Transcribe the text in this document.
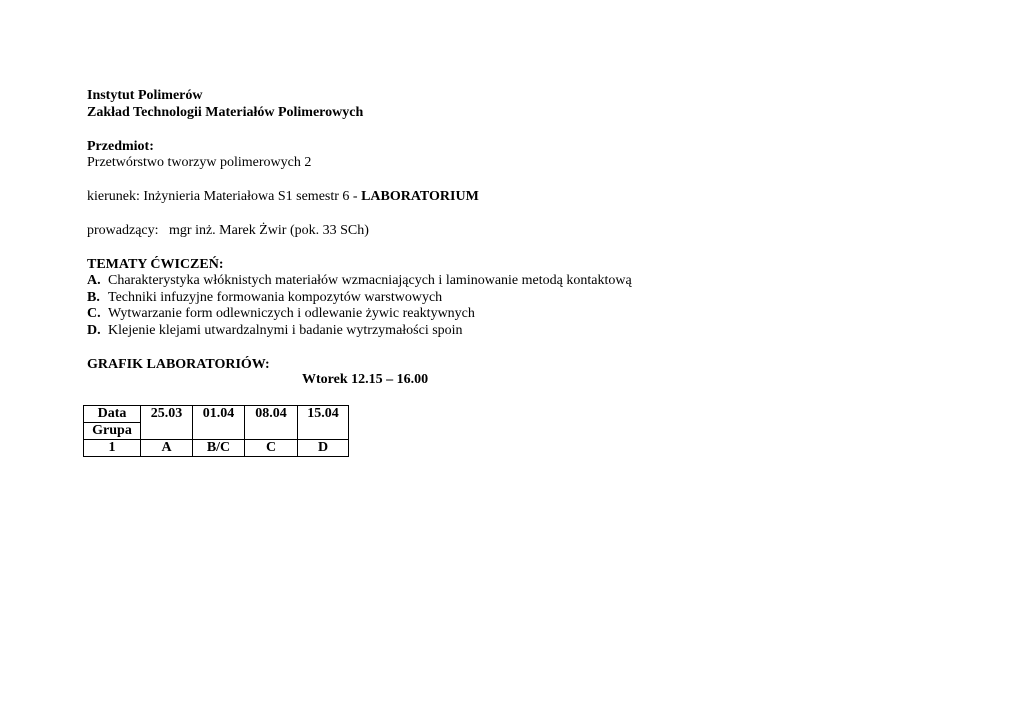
Instytut Polimerów
Zakład Technologii Materiałów Polimerowych
Przedmiot:
Przetwórstwo tworzyw polimerowych 2
kierunek: Inżynieria Materiałowa S1 semestr 6 - LABORATORIUM
prowadzący: mgr inż. Marek Żwir (pok. 33 SCh)
TEMATY ĆWICZEŃ:
A. Charakterystyka włóknistych materiałów wzmacniających i laminowanie metodą kontaktową
B. Techniki infuzyjne formowania kompozytów warstwowych
C. Wytwarzanie form odlewniczych i odlewanie żywic reaktywnych
D. Klejenie klejami utwardzalnymi i badanie wytrzymałości spoin
GRAFIK LABORATORIÓW:
Wtorek 12.15 – 16.00
Data	25.03	01.04	08.04	15.04
Grupa				
1	A	B/C	C	D
